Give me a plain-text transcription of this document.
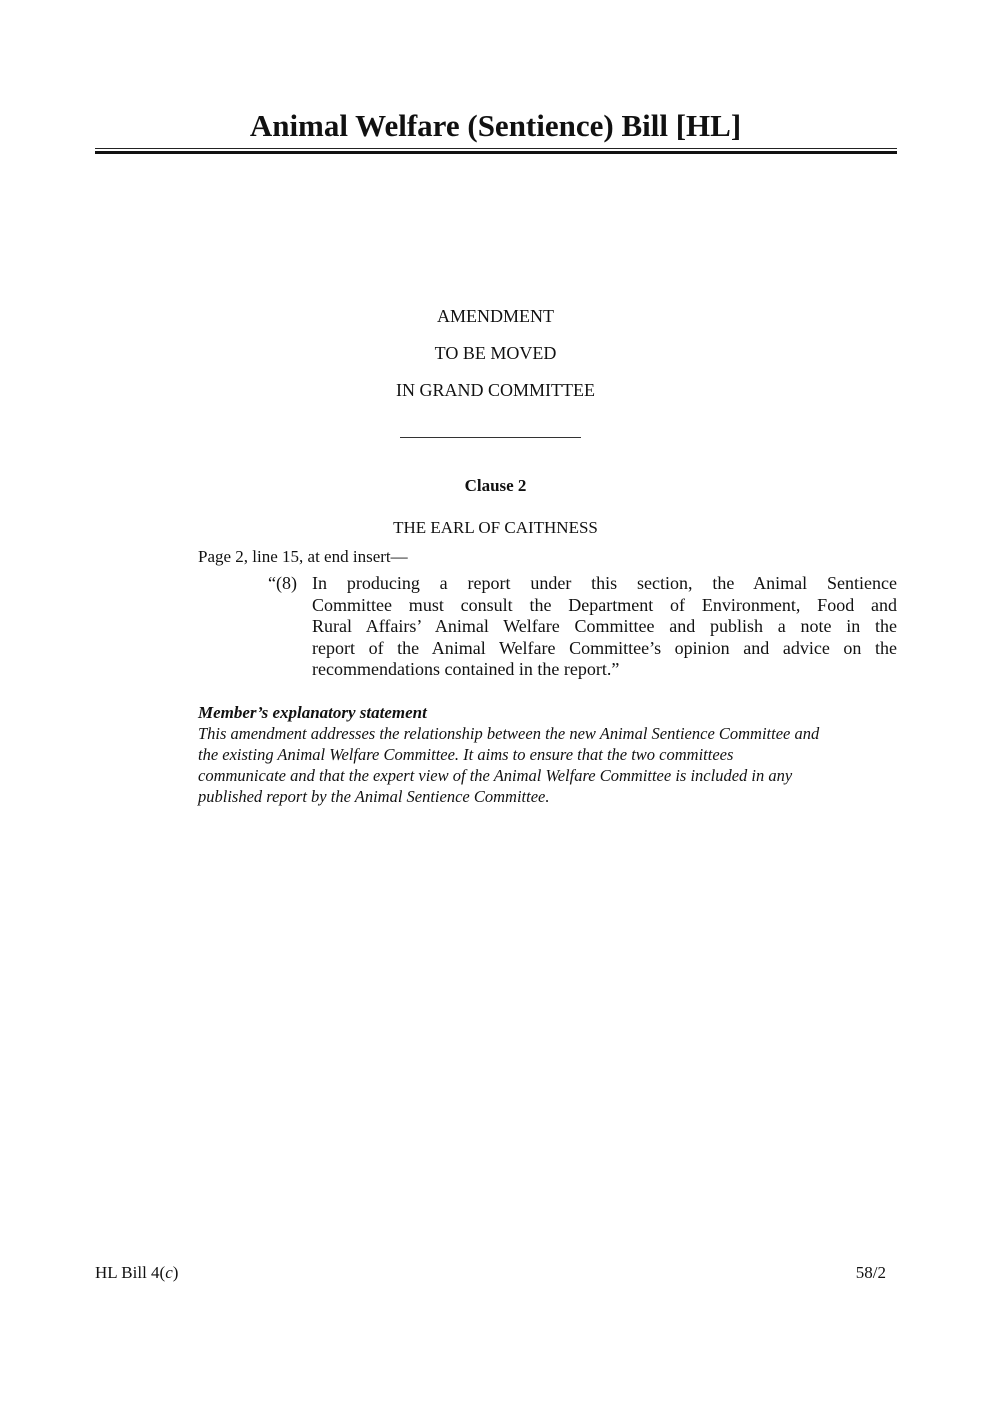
Animal Welfare (Sentience) Bill [HL]
AMENDMENT
TO BE MOVED
IN GRAND COMMITTEE
Clause 2
THE EARL OF CAITHNESS
Page 2, line 15, at end insert—
“(8) In producing a report under this section, the Animal Sentience
Committee must consult the Department of Environment, Food and
Rural Affairs’ Animal Welfare Committee and publish a note in the
report of the Animal Welfare Committee’s opinion and advice on the
recommendations contained in the report.”
Member’s explanatory statement
This amendment addresses the relationship between the new Animal Sentience Committee and
the existing Animal Welfare Committee. It aims to ensure that the two committees
communicate and that the expert view of the Animal Welfare Committee is included in any
published report by the Animal Sentience Committee.
HL Bill 4(c)	58/2
